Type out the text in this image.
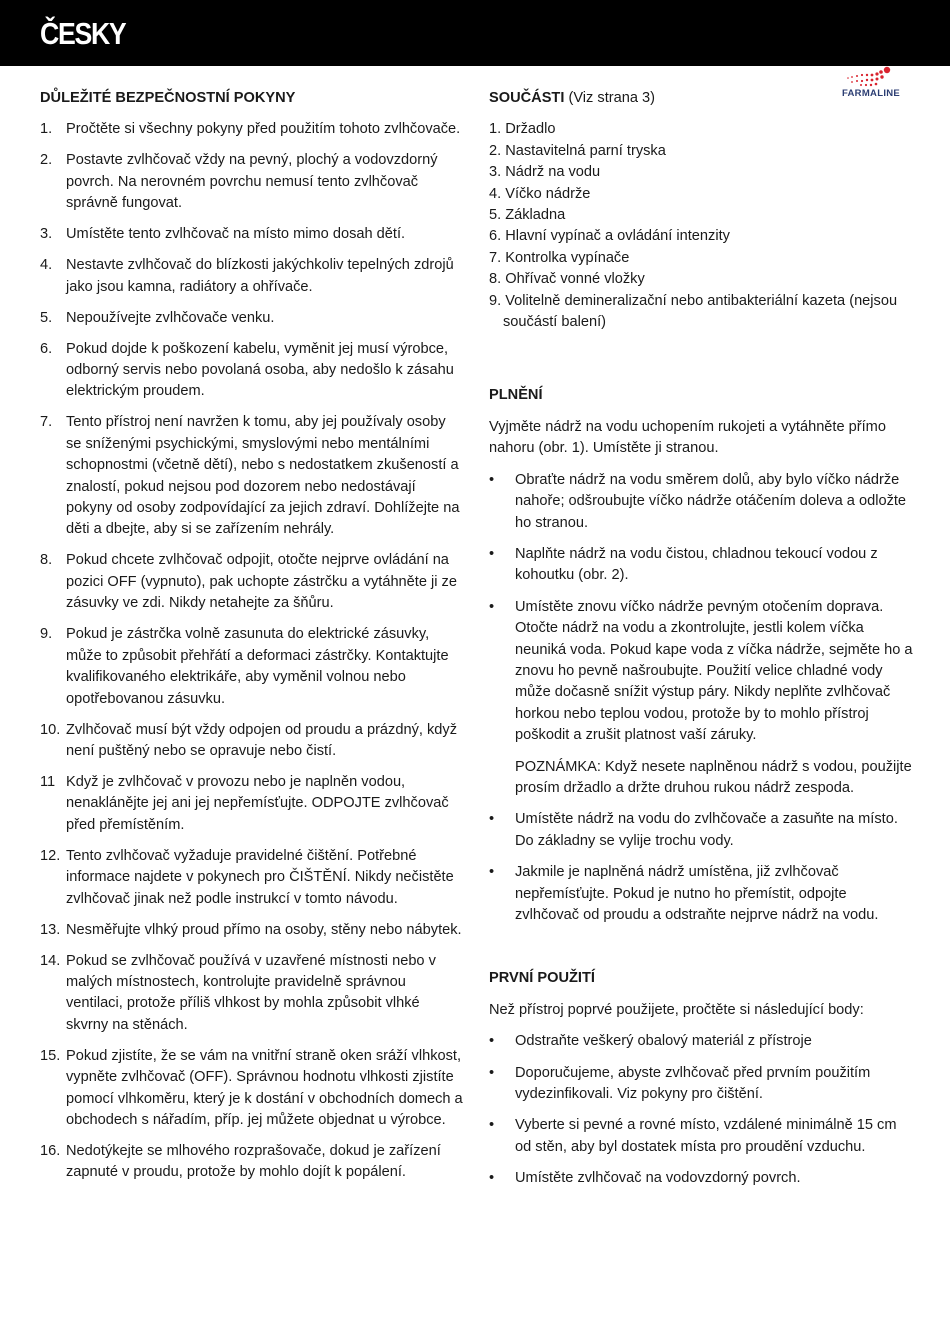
ČESKY
FARMALINE
DŮLEŽITÉ BEZPEČNOSTNÍ POKYNY
1. Pročtěte si všechny pokyny před použitím tohoto zvlhčovače.
2. Postavte zvlhčovač vždy na pevný, plochý a vodovzdorný povrch. Na nerovném povrchu nemusí tento zvlhčovač správně fungovat.
3. Umístěte tento zvlhčovač na místo mimo dosah dětí.
4. Nestavte zvlhčovač do blízkosti jakýchkoliv tepelných zdrojů jako jsou kamna, radiátory a ohřívače.
5. Nepoužívejte zvlhčovače venku.
6. Pokud dojde k poškození kabelu, vyměnit jej musí výrobce, odborný servis nebo povolaná osoba, aby nedošlo k zásahu elektrickým proudem.
7. Tento přístroj není navržen k tomu, aby jej používaly osoby se sníženými psychickými, smyslovými nebo mentálními schopnostmi (včetně dětí), nebo s nedostatkem zkušeností a znalostí, pokud nejsou pod dozorem nebo nedostávají pokyny od osoby zodpovídající za jejich zdraví. Dohlížejte na děti a dbejte, aby si se zařízením nehrály.
8. Pokud chcete zvlhčovač odpojit, otočte nejprve ovládání na pozici OFF (vypnuto), pak uchopte zástrčku a vytáhněte ji ze zásuvky ve zdi. Nikdy netahejte za šňůru.
9. Pokud je zástrčka volně zasunuta do elektrické zásuvky, může to způsobit přehřátí a deformaci zástrčky. Kontaktujte kvalifikovaného elektrikáře, aby vyměnil volnou nebo opotřebovanou zásuvku.
10. Zvlhčovač musí být vždy odpojen od proudu a prázdný, když není puštěný nebo se opravuje nebo čistí.
11 Když je zvlhčovač v provozu nebo je naplněn vodou, nenaklánějte jej ani jej nepřemísťujte. ODPOJTE zvlhčovač před přemístěním.
12. Tento zvlhčovač vyžaduje pravidelné čištění. Potřebné informace najdete v pokynech pro ČIŠTĚNÍ. Nikdy nečistěte zvlhčovač jinak než podle instrukcí v tomto návodu.
13. Nesměřujte vlhký proud přímo na osoby, stěny nebo nábytek.
14. Pokud se zvlhčovač používá v uzavřené místnosti nebo v malých místnostech, kontrolujte pravidelně správnou ventilaci, protože příliš vlhkost by mohla způsobit vlhké skvrny na stěnách.
15. Pokud zjistíte, že se vám na vnitřní straně oken sráží vlhkost, vypněte zvlhčovač (OFF). Správnou hodnotu vlhkosti zjistíte pomocí vlhkoměru, který je k dostání v obchodních domech a obchodech s nářadím, příp. jej můžete objednat u výrobce.
16. Nedotýkejte se mlhového rozprašovače, dokud je zařízení zapnuté v proudu, protože by mohlo dojít k popálení.
SOUČÁSTI (Viz strana 3)
1. Držadlo
2. Nastavitelná parní tryska
3. Nádrž na vodu
4. Víčko nádrže
5. Základna
6. Hlavní vypínač a ovládání intenzity
7. Kontrolka vypínače
8. Ohřívač vonné vložky
9. Volitelně demineralizační nebo antibakteriální kazeta (nejsou součástí balení)
PLNĚNÍ

Vyjměte nádrž na vodu uchopením rukojeti a vytáhněte přímo nahoru (obr. 1). Umístěte ji stranou.

• Obraťte nádrž na vodu směrem dolů, aby bylo víčko nádrže nahoře; odšroubujte víčko nádrže otáčením doleva a odložte ho stranou.
• Naplňte nádrž na vodu čistou, chladnou tekoucí vodou z kohoutku (obr. 2).
• Umístěte znovu víčko nádrže pevným otočením doprava. Otočte nádrž na vodu a zkontrolujte, jestli kolem víčka neuniká voda. Pokud kape voda z víčka nádrže, sejměte ho a znovu ho pevně našroubujte. Použití velice chladné vody může dočasně snížit výstup páry. Nikdy neplňte zvlhčovač horkou nebo teplou vodou, protože by to mohlo přístroj poškodit a zrušit platnost vaší záruky.

POZNÁMKA: Když nesete naplněnou nádrž s vodou, použijte prosím držadlo a držte druhou rukou nádrž zespoda.

• Umístěte nádrž na vodu do zvlhčovače a zasuňte na místo. Do základny se vylije trochu vody.
• Jakmile je naplněná nádrž umístěna, již zvlhčovač nepřemísťujte. Pokud je nutno ho přemístit, odpojte zvlhčovač od proudu a odstraňte nejprve nádrž na vodu.
PRVNÍ POUŽITÍ

Než přístroj poprvé použijete, pročtěte si následující body:

• Odstraňte veškerý obalový materiál z přístroje
• Doporučujeme, abyste zvlhčovač před prvním použitím vydezinfikovali. Viz pokyny pro čištění.
• Vyberte si pevné a rovné místo, vzdálené minimálně 15 cm od stěn, aby byl dostatek místa pro proudění vzduchu.
• Umístěte zvlhčovač na vodovzdorný povrch.
